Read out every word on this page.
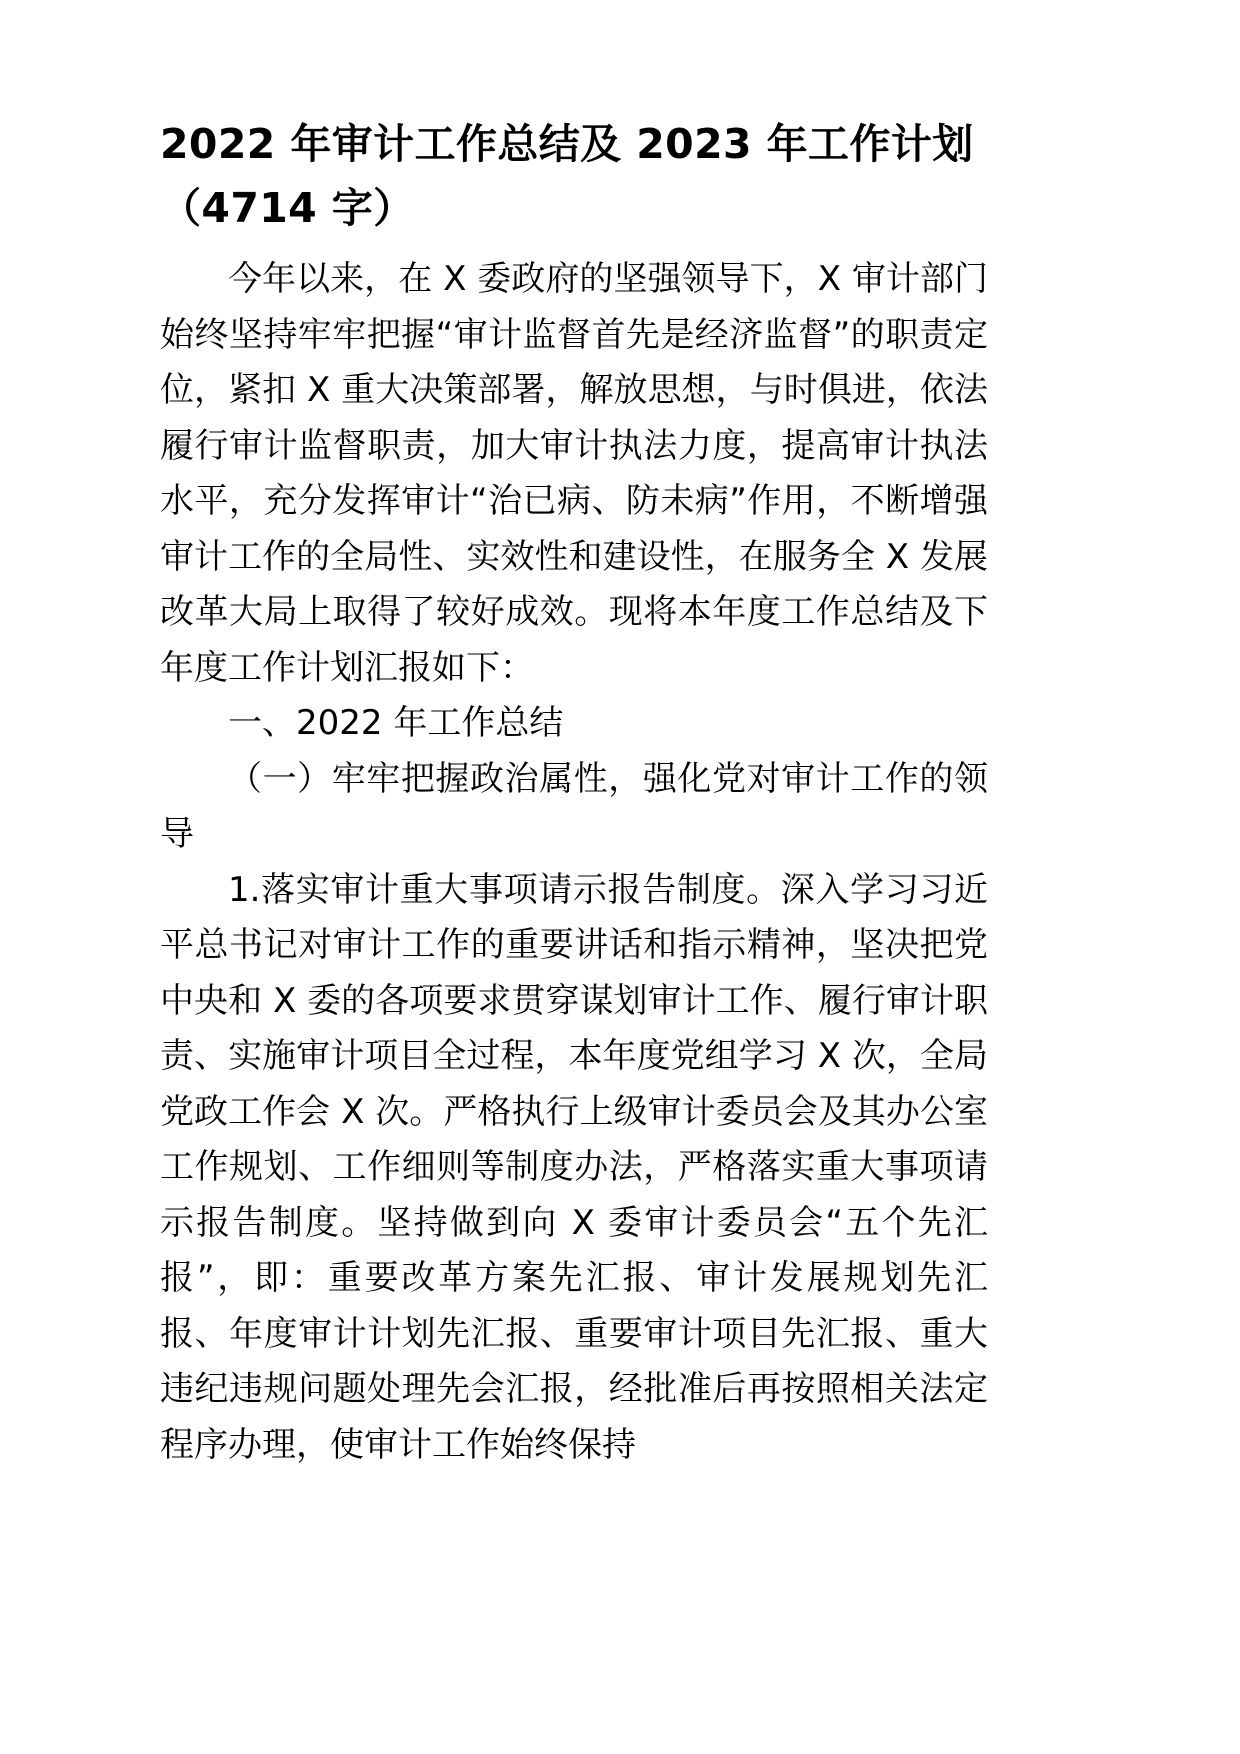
2022 年审计工作总结及 2023 年工作计划（4714 字）

今年以来，在 X 委政府的坚强领导下，X 审计部门始终坚持牢牢把握“审计监督首先是经济监督”的职责定位，紧扣 X 重大决策部署，解放思想，与时俱进，依法履行审计监督职责，加大审计执法力度，提高审计执法水平，充分发挥审计“治已病、防未病”作用，不断增强审计工作的全局性、实效性和建设性，在服务全 X 发展改革大局上取得了较好成效。现将本年度工作总结及下年度工作计划汇报如下：

一、2022 年工作总结

（一）牢牢把握政治属性，强化党对审计工作的领导

1.落实审计重大事项请示报告制度。深入学习习近平总书记对审计工作的重要讲话和指示精神，坚决把党中央和 X 委的各项要求贯穿谋划审计工作、履行审计职责、实施审计项目全过程，本年度党组学习 X 次，全局党政工作会 X 次。严格执行上级审计委员会及其办公室工作规划、工作细则等制度办法，严格落实重大事项请示报告制度。坚持做到向 X 委审计委员会“五个先汇报”，即：重要改革方案先汇报、审计发展规划先汇报、年度审计计划先汇报、重要审计项目先汇报、重大违纪违规问题处理先会汇报，经批准后再按照相关法定程序办理，使审计工作始终保持
